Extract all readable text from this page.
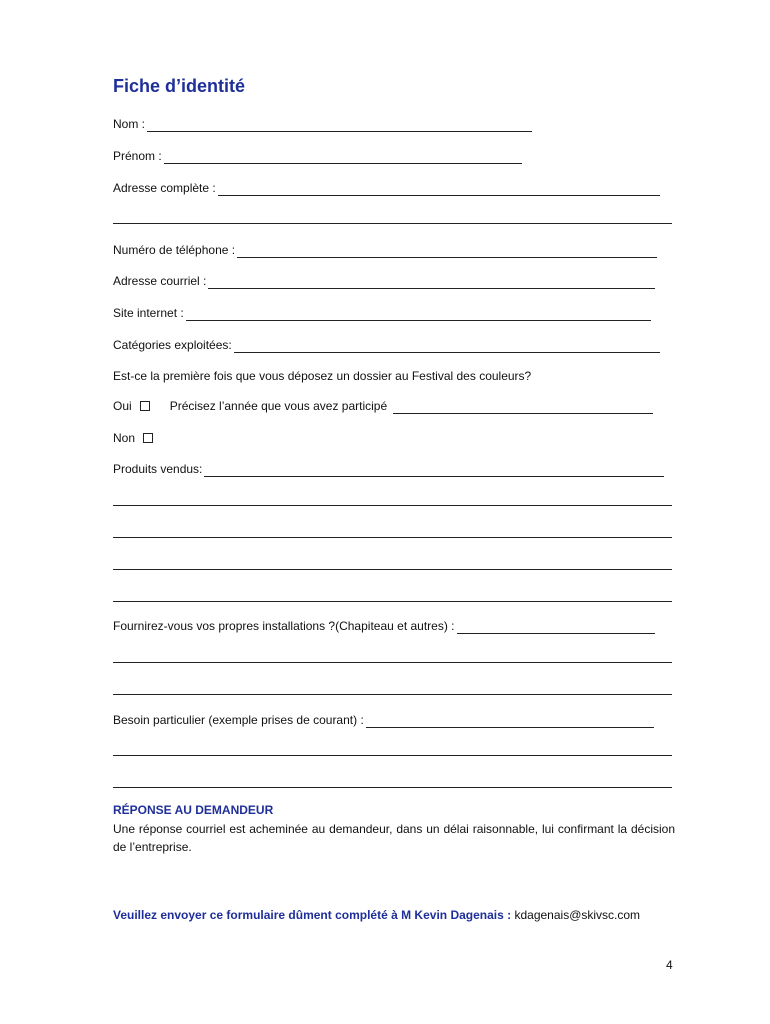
Fiche d’identité
Nom :
Prénom :
Adresse complète :
Numéro de téléphone :
Adresse courriel :
Site internet :
Catégories exploitées:
Est-ce la première fois que vous déposez un dossier au Festival des couleurs?
Oui	Précisez l’année que vous avez participé
Non
Produits vendus:
Fournirez-vous vos propres installations ?(Chapiteau et autres) :
Besoin particulier (exemple prises de courant) :
RÉPONSE AU DEMANDEUR
Une réponse courriel est acheminée au demandeur, dans un délai raisonnable, lui confirmant la décision de l’entreprise.
Veuillez envoyer ce formulaire dûment complété à M Kevin Dagenais : kdagenais@skivsc.com
4
